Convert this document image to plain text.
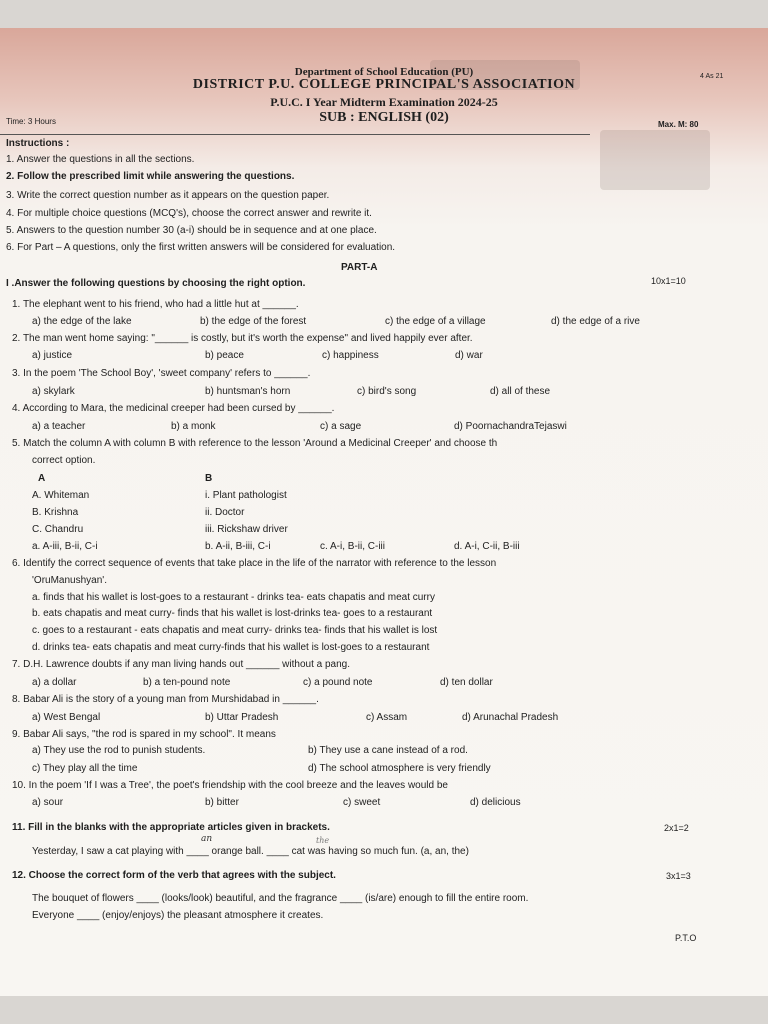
Department of School Education (PU)
DISTRICT P.U. COLLEGE PRINCIPAL'S ASSOCIATION
P.U.C. I Year Midterm Examination 2024-25
SUB : ENGLISH (02)
4 As 21
Time: 3 Hours	Max. M: 80
Instructions :
1. Answer the questions in all the sections.
2. Follow the prescribed limit while answering the questions.
3. Write the correct question number as it appears on the question paper.
4. For multiple choice questions (MCQ's), choose the correct answer and rewrite it.
5. Answers to the question number 30 (a-i) should be in sequence and at one place.
6. For Part – A questions, only the first written answers will be considered for evaluation.
PART-A
I .Answer the following questions by choosing the right option.	10x1=10
1. The elephant went to his friend, who had a little hut at ______.
a) the edge of the lake	b) the edge of the forest	c) the edge of a village	d) the edge of a rive
2. The man went home saying: "______ is costly, but it's worth the expense" and lived happily ever after.
a) justice	b) peace	c) happiness	d) war
3. In the poem 'The School Boy', 'sweet company' refers to ______.
a) skylark	b) huntsman's horn	c) bird's song	d) all of these
4. According to Mara, the medicinal creeper had been cursed by ______.
a) a teacher	b) a monk	c) a sage	d) PoornachandraTejaswi
5. Match the column A with column B with reference to the lesson 'Around a Medicinal Creeper' and choose th
correct option.
A	B
A. Whiteman	i. Plant pathologist
B. Krishna	ii. Doctor
C. Chandru	iii. Rickshaw driver
a. A-iii, B-ii, C-i	b. A-ii, B-iii, C-i	c. A-i, B-ii, C-iii	d. A-i, C-ii, B-iii
6. Identify the correct sequence of events that take place in the life of the narrator with reference to the lesson
'OruManushyan'.
a. finds that his wallet is lost-goes to a restaurant - drinks tea- eats chapatis and meat curry
b. eats chapatis and meat curry- finds that his wallet is lost-drinks tea- goes to a restaurant
c. goes to a restaurant - eats chapatis and meat curry- drinks tea- finds that his wallet is lost
d. drinks tea- eats chapatis and meat curry-finds that his wallet is lost-goes to a restaurant
7. D.H. Lawrence doubts if any man living hands out ______ without a pang.
a) a dollar	b) a ten-pound note	c) a pound note	d) ten dollar
8. Babar Ali is the story of a young man from Murshidabad in ______.
a) West Bengal	b) Uttar Pradesh	c) Assam	d) Arunachal Pradesh
9. Babar Ali says, "the rod is spared in my school". It means
a) They use the rod to punish students.	b) They use a cane instead of a rod.
c) They play all the time	d) The school atmosphere is very friendly
10. In the poem 'If I was a Tree', the poet's friendship with the cool breeze and the leaves would be
a) sour	b) bitter	c) sweet	d) delicious
11. Fill in the blanks with the appropriate articles given in brackets.	2x1=2
Yesterday, I saw a cat playing with ____ orange ball. ____ cat was having so much fun. (a, an, the)
an	the
12. Choose the correct form of the verb that agrees with the subject.	3x1=3
The bouquet of flowers ____ (looks/look) beautiful, and the fragrance ____ (is/are) enough to fill the entire room.
Everyone ____ (enjoy/enjoys) the pleasant atmosphere it creates.
P.T.O
